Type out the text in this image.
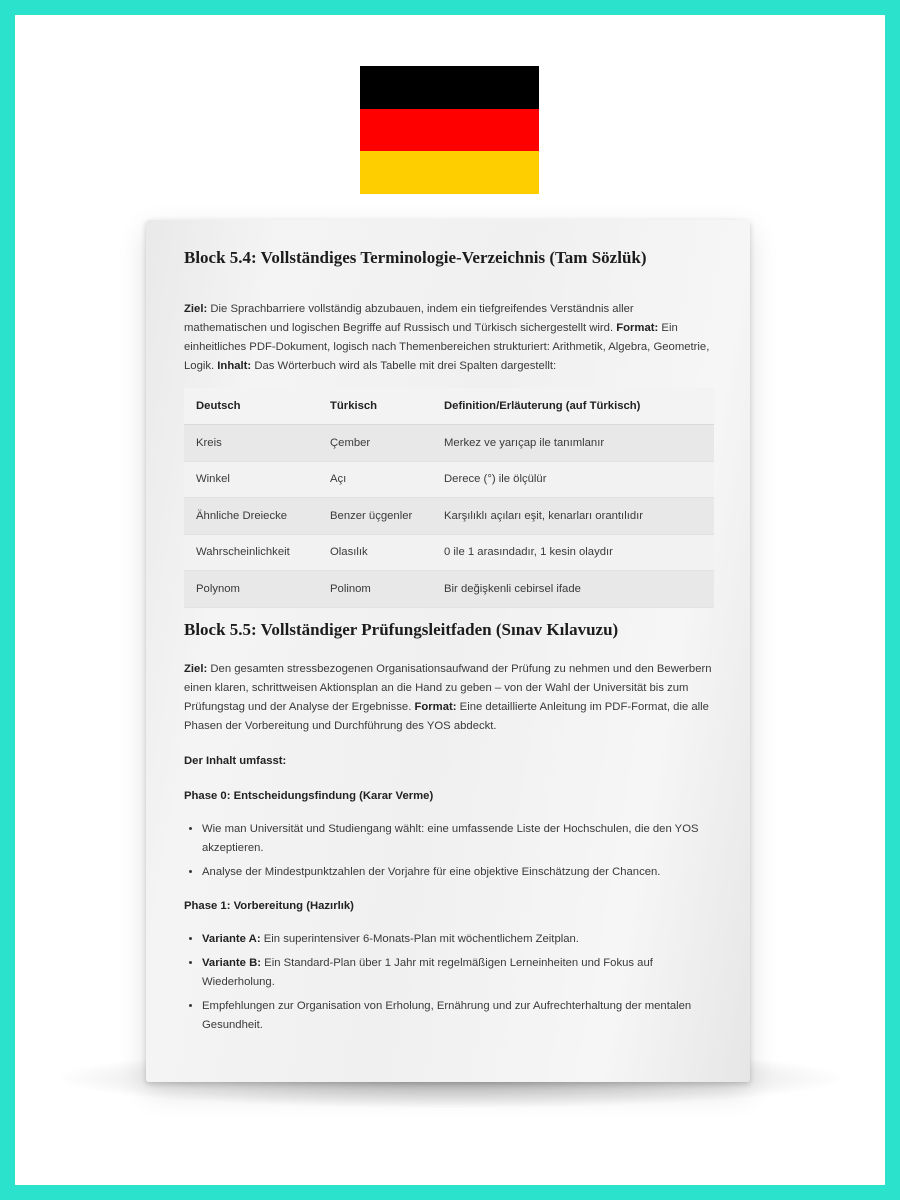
Block 5.4: Vollständiges Terminologie-Verzeichnis (Tam Sözlük)

Ziel: Die Sprachbarriere vollständig abzubauen, indem ein tiefgreifendes Verständnis aller mathematischen und logischen Begriffe auf Russisch und Türkisch sichergestellt wird. Format: Ein einheitliches PDF-Dokument, logisch nach Themenbereichen strukturiert: Arithmetik, Algebra, Geometrie, Logik. Inhalt: Das Wörterbuch wird als Tabelle mit drei Spalten dargestellt:

Deutsch	Türkisch	Definition/Erläuterung (auf Türkisch)
Kreis	Çember	Merkez ve yarıçap ile tanımlanır
Winkel	Açı	Derece (°) ile ölçülür
Ähnliche Dreiecke	Benzer üçgenler	Karşılıklı açıları eşit, kenarları orantılıdır
Wahrscheinlichkeit	Olasılık	0 ile 1 arasındadır, 1 kesin olaydır
Polynom	Polinom	Bir değişkenli cebirsel ifade
Block 5.5: Vollständiger Prüfungsleitfaden (Sınav Kılavuzu)

Ziel: Den gesamten stressbezogenen Organisationsaufwand der Prüfung zu nehmen und den Bewerbern einen klaren, schrittweisen Aktionsplan an die Hand zu geben – von der Wahl der Universität bis zum Prüfungstag und der Analyse der Ergebnisse. Format: Eine detaillierte Anleitung im PDF-Format, die alle Phasen der Vorbereitung und Durchführung des YOS abdeckt.

Der Inhalt umfasst:

Phase 0: Entscheidungsfindung (Karar Verme)

• Wie man Universität und Studiengang wählt: eine umfassende Liste der Hochschulen, die den YOS akzeptieren.
• Analyse der Mindestpunktzahlen der Vorjahre für eine objektive Einschätzung der Chancen.

Phase 1: Vorbereitung (Hazırlık)

• Variante A: Ein superintensiver 6-Monats-Plan mit wöchentlichem Zeitplan.
• Variante B: Ein Standard-Plan über 1 Jahr mit regelmäßigen Lerneinheiten und Fokus auf Wiederholung.
• Empfehlungen zur Organisation von Erholung, Ernährung und zur Aufrechterhaltung der mentalen Gesundheit.
